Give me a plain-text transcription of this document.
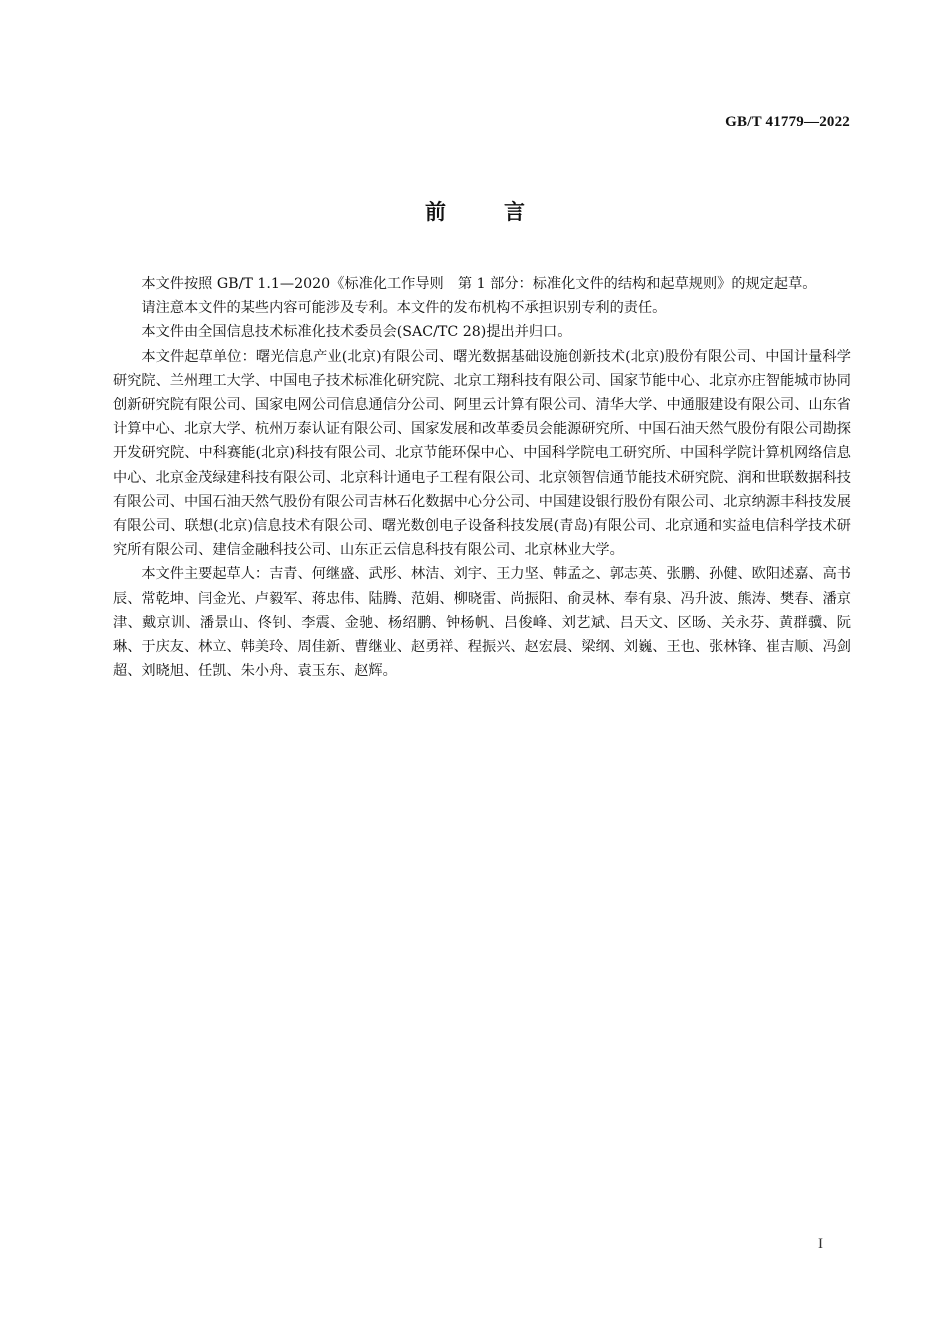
GB/T 41779—2022
前言

本文件按照 GB/T 1.1—2020《标准化工作导则　第 1 部分：标准化文件的结构和起草规则》的规定起草。

请注意本文件的某些内容可能涉及专利。本文件的发布机构不承担识别专利的责任。

本文件由全国信息技术标准化技术委员会(SAC/TC 28)提出并归口。

本文件起草单位：曙光信息产业(北京)有限公司、曙光数据基础设施创新技术(北京)股份有限公司、中国计量科学研究院、兰州理工大学、中国电子技术标准化研究院、北京工翔科技有限公司、国家节能中心、北京亦庄智能城市协同创新研究院有限公司、国家电网公司信息通信分公司、阿里云计算有限公司、清华大学、中通服建设有限公司、山东省计算中心、北京大学、杭州万泰认证有限公司、国家发展和改革委员会能源研究所、中国石油天然气股份有限公司勘探开发研究院、中科赛能(北京)科技有限公司、北京节能环保中心、中国科学院电工研究所、中国科学院计算机网络信息中心、北京金茂绿建科技有限公司、北京科计通电子工程有限公司、北京领智信通节能技术研究院、润和世联数据科技有限公司、中国石油天然气股份有限公司吉林石化数据中心分公司、中国建设银行股份有限公司、北京纳源丰科技发展有限公司、联想(北京)信息技术有限公司、曙光数创电子设备科技发展(青岛)有限公司、北京通和实益电信科学技术研究所有限公司、建信金融科技公司、山东正云信息科技有限公司、北京林业大学。

本文件主要起草人：吉青、何继盛、武彤、林洁、刘宇、王力坚、韩孟之、郭志英、张鹏、孙健、欧阳述嘉、高书辰、常乾坤、闫金光、卢毅军、蒋忠伟、陆腾、范娟、柳晓雷、尚振阳、俞灵林、奉有泉、冯升波、熊涛、樊春、潘京津、戴京训、潘景山、佟钊、李震、金驰、杨绍鹏、钟杨帆、吕俊峰、刘艺斌、吕天文、区旸、关永芬、黄群骥、阮琳、于庆友、林立、韩美玲、周佳新、曹继业、赵勇祥、程振兴、赵宏晨、梁纲、刘巍、王也、张林锋、崔吉顺、冯剑超、刘晓旭、任凯、朱小舟、袁玉东、赵辉。

I
